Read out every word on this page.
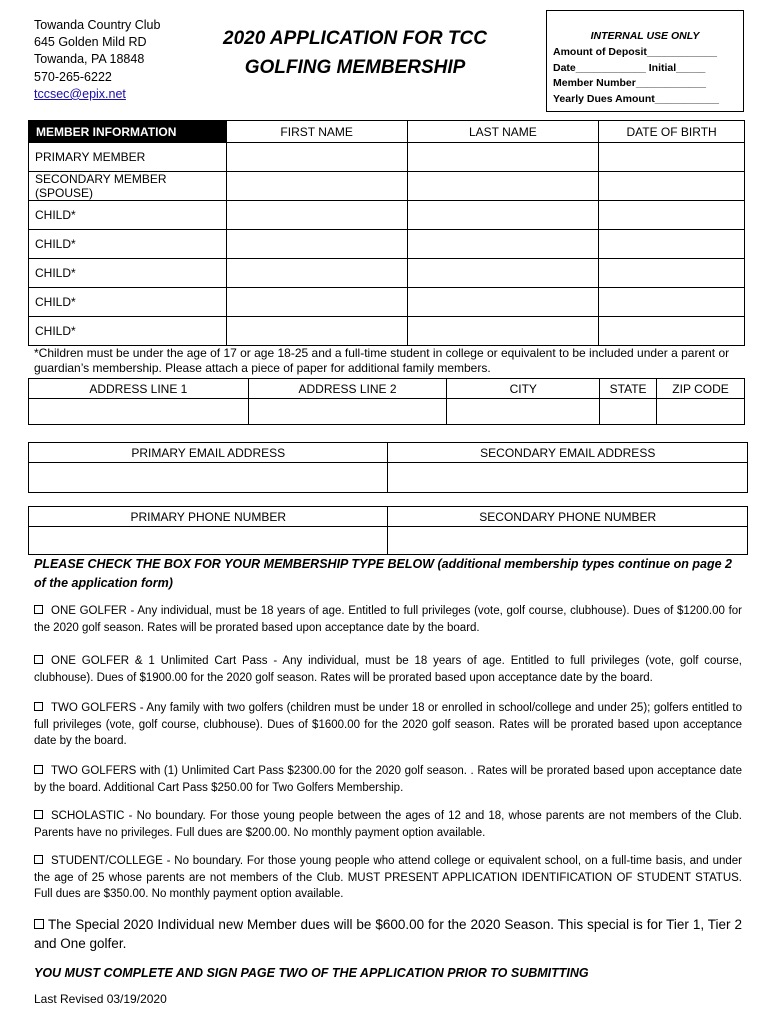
Towanda Country Club
645 Golden Mild RD
Towanda, PA 18848
570-265-6222
tccsec@epix.net
2020 APPLICATION FOR TCC
GOLFING MEMBERSHIP
INTERNAL USE ONLY
Amount of Deposit____________
Date____________ Initial_____
Member Number____________
Yearly Dues Amount___________
MEMBER INFORMATION	FIRST NAME	LAST NAME	DATE OF BIRTH
PRIMARY MEMBER			
SECONDARY MEMBER (SPOUSE)			
CHILD*			
CHILD*			
CHILD*			
CHILD*			
CHILD*			
*Children must be under the age of 17 or age 18-25 and a full-time student in college or equivalent to be included under a parent or guardian’s membership. Please attach a piece of paper for additional family members.
ADDRESS LINE 1	ADDRESS LINE 2	CITY	STATE	ZIP CODE

PRIMARY EMAIL ADDRESS	SECONDARY EMAIL ADDRESS

PRIMARY PHONE NUMBER	SECONDARY PHONE NUMBER

PLEASE CHECK THE BOX FOR YOUR MEMBERSHIP TYPE BELOW (additional membership types continue on page 2 of the application form)
ONE GOLFER - Any individual, must be 18 years of age. Entitled to full privileges (vote, golf course, clubhouse). Dues of $1200.00 for the 2020 golf season. Rates will be prorated based upon acceptance date by the board.
ONE GOLFER & 1 Unlimited Cart Pass - Any individual, must be 18 years of age. Entitled to full privileges (vote, golf course, clubhouse). Dues of $1900.00 for the 2020 golf season. Rates will be prorated based upon acceptance date by the board.
TWO GOLFERS - Any family with two golfers (children must be under 18 or enrolled in school/college and under 25); golfers entitled to full privileges (vote, golf course, clubhouse). Dues of $1600.00 for the 2020 golf season. Rates will be prorated based upon acceptance date by the board.
TWO GOLFERS with (1) Unlimited Cart Pass $2300.00 for the 2020 golf season. . Rates will be prorated based upon acceptance date by the board. Additional Cart Pass $250.00 for Two Golfers Membership.
SCHOLASTIC - No boundary. For those young people between the ages of 12 and 18, whose parents are not members of the Club. Parents have no privileges. Full dues are $200.00. No monthly payment option available.
STUDENT/COLLEGE - No boundary. For those young people who attend college or equivalent school, on a full-time basis, and under the age of 25 whose parents are not members of the Club. MUST PRESENT APPLICATION IDENTIFICATION OF STUDENT STATUS. Full dues are $350.00. No monthly payment option available.
The Special 2020 Individual new Member dues will be $600.00 for the 2020 Season. This special is for Tier 1, Tier 2 and One golfer.
YOU MUST COMPLETE AND SIGN PAGE TWO OF THE APPLICATION PRIOR TO SUBMITTING
Last Revised 03/19/2020
